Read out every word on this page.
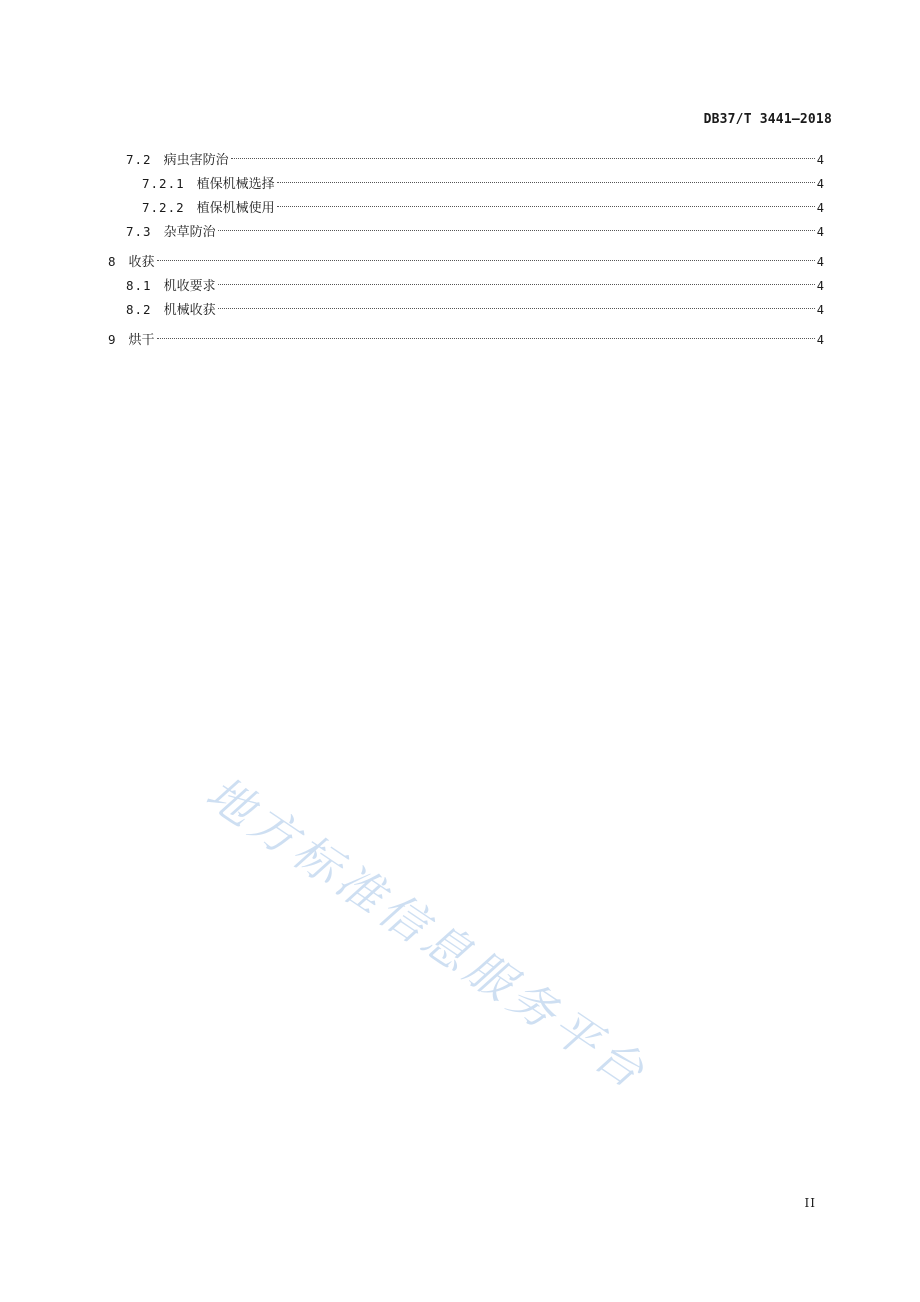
DB37/T 3441—2018
7.2 病虫害防治	4
7.2.1 植保机械选择	4
7.2.2 植保机械使用	4
7.3 杂草防治	4
8 收获	4
8.1 机收要求	4
8.2 机械收获	4
9 烘干	4
地方标准信息服务平台
II
